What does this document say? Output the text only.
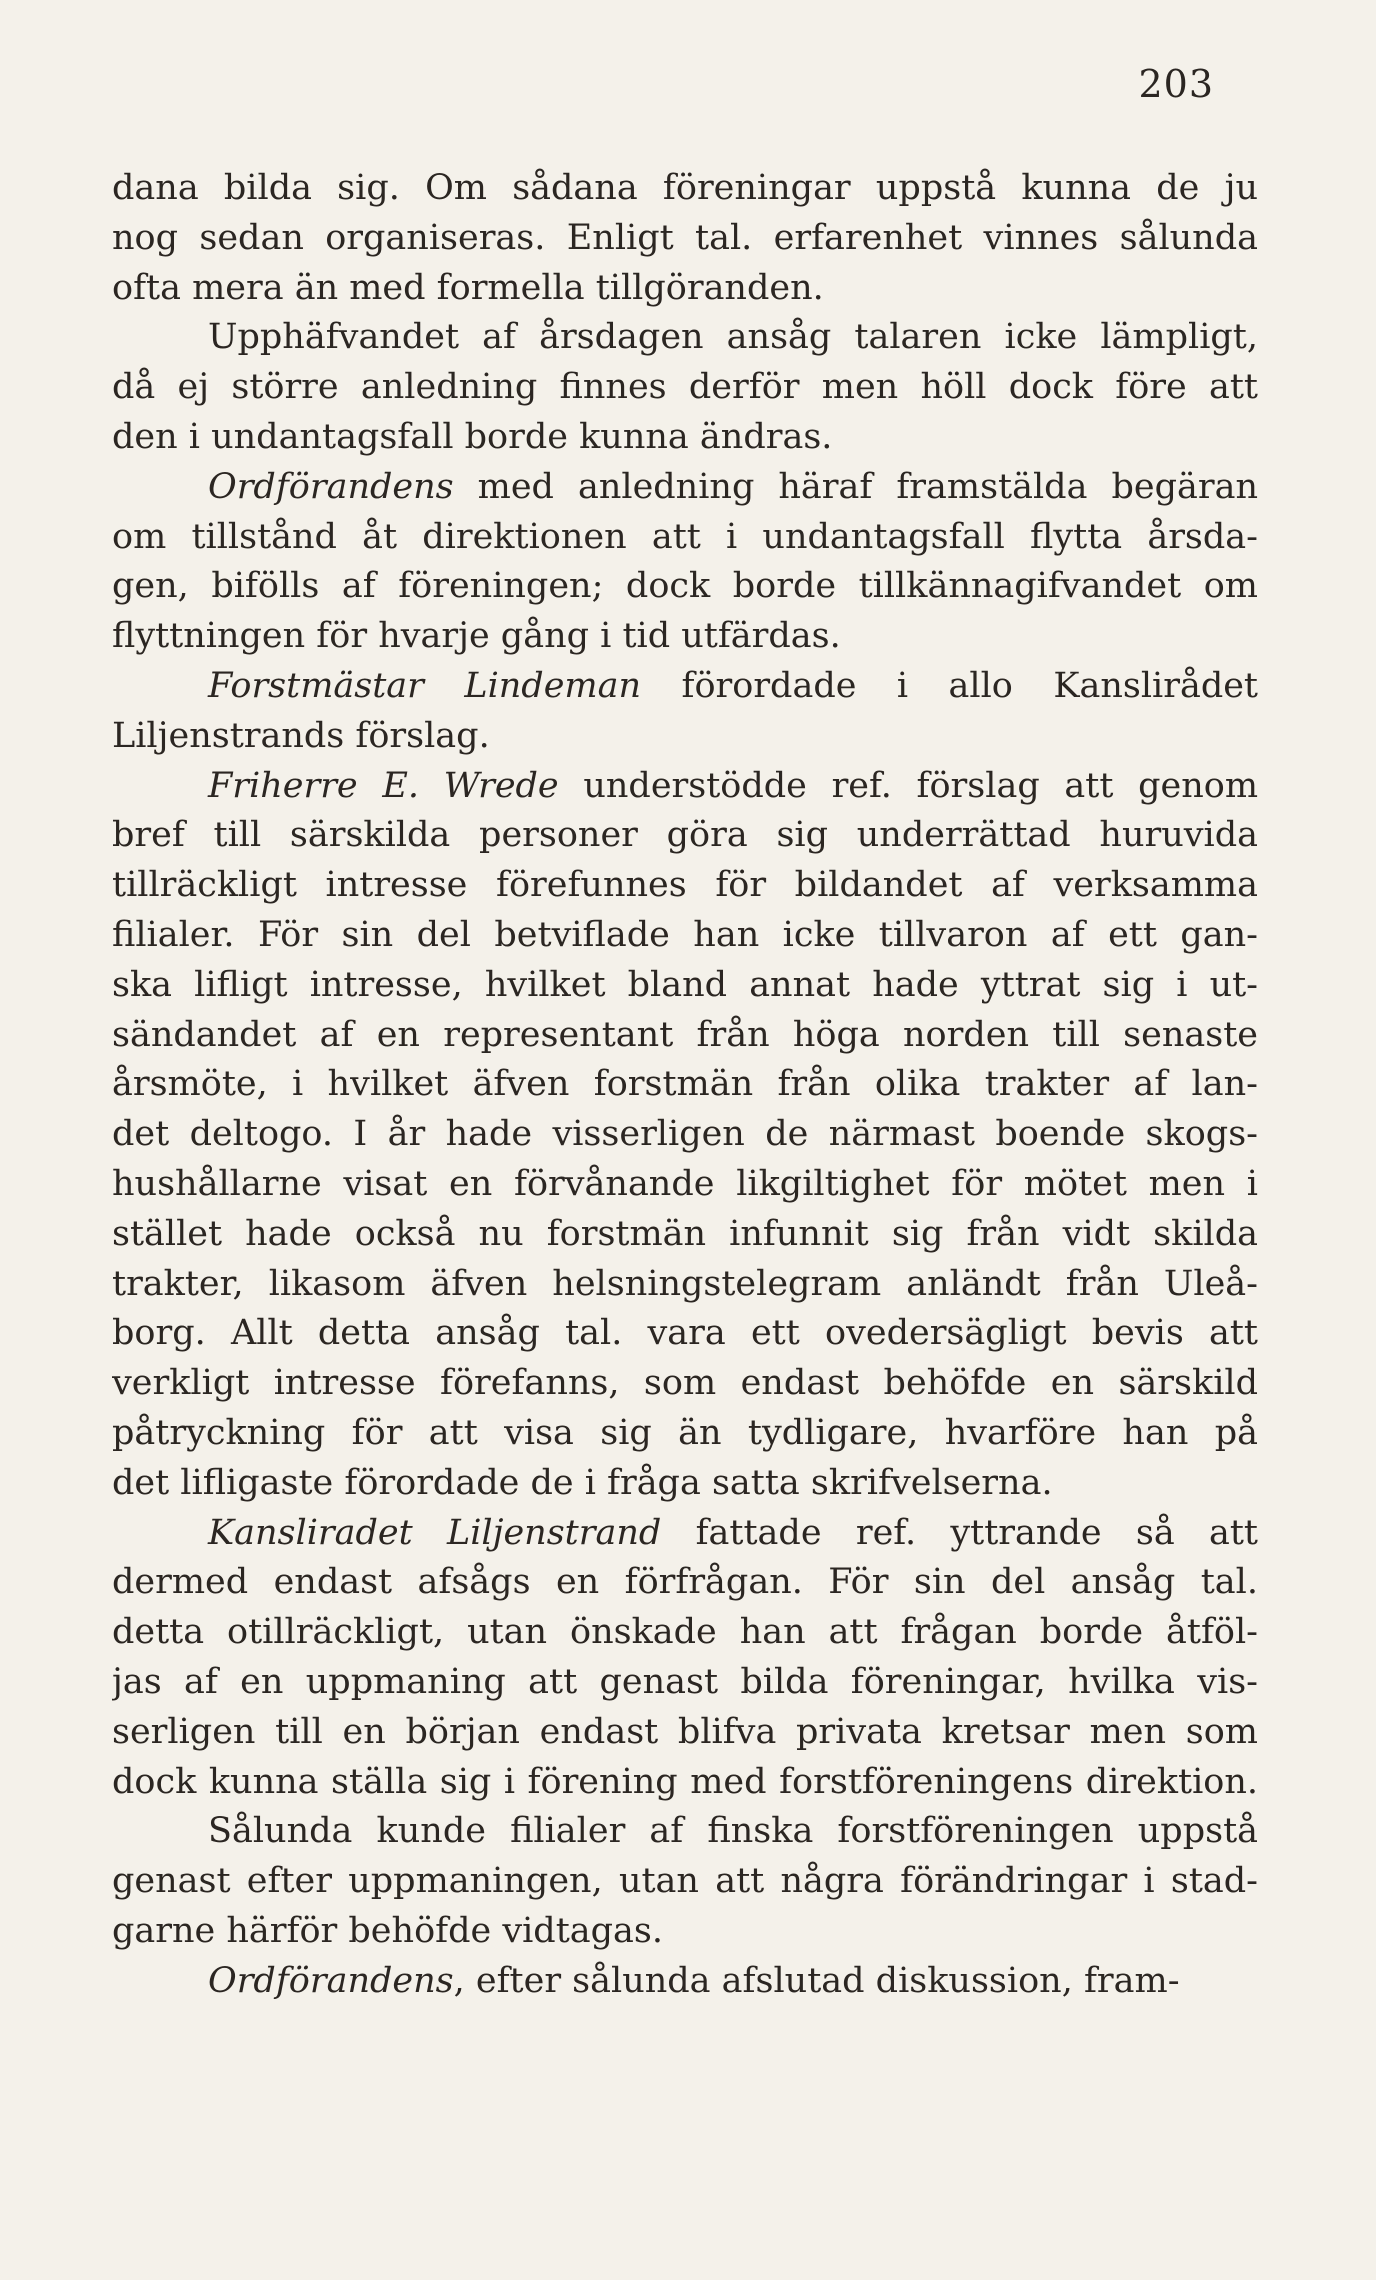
203
dana bilda sig. Om sådana föreningar uppstå kunna de ju
nog sedan organiseras. Enligt tal. erfarenhet vinnes sålunda
ofta mera än med formella tillgöranden.
Upphäfvandet af årsdagen ansåg talaren icke lämpligt,
då ej större anledning finnes derför men höll dock före att
den i undantagsfall borde kunna ändras.
Ordförandens med anledning häraf framstälda begäran
om tillstånd åt direktionen att i undantagsfall flytta årsda-
gen, bifölls af föreningen; dock borde tillkännagifvandet om
flyttningen för hvarje gång i tid utfärdas.
Forstmästar Lindeman förordade i allo Kanslirådet
Liljenstrands förslag.
Friherre E. Wrede understödde ref. förslag att genom
bref till särskilda personer göra sig underrättad huruvida
tillräckligt intresse förefunnes för bildandet af verksamma
filialer. För sin del betviflade han icke tillvaron af ett gan-
ska lifligt intresse, hvilket bland annat hade yttrat sig i ut-
sändandet af en representant från höga norden till senaste
årsmöte, i hvilket äfven forstmän från olika trakter af lan-
det deltogo. I år hade visserligen de närmast boende skogs-
hushållarne visat en förvånande likgiltighet för mötet men i
stället hade också nu forstmän infunnit sig från vidt skilda
trakter, likasom äfven helsningstelegram anländt från Uleå-
borg. Allt detta ansåg tal. vara ett ovedersägligt bevis att
verkligt intresse förefanns, som endast behöfde en särskild
påtryckning för att visa sig än tydligare, hvarföre han på
det lifligaste förordade de i fråga satta skrifvelserna.
Kansliradet Liljenstrand fattade ref. yttrande så att
dermed endast afsågs en förfrågan. För sin del ansåg tal.
detta otillräckligt, utan önskade han att frågan borde åtföl-
jas af en uppmaning att genast bilda föreningar, hvilka vis-
serligen till en början endast blifva privata kretsar men som
dock kunna ställa sig i förening med forstföreningens direktion.
Sålunda kunde filialer af finska forstföreningen uppstå
genast efter uppmaningen, utan att några förändringar i stad-
garne härför behöfde vidtagas.
Ordförandens, efter sålunda afslutad diskussion, fram-
